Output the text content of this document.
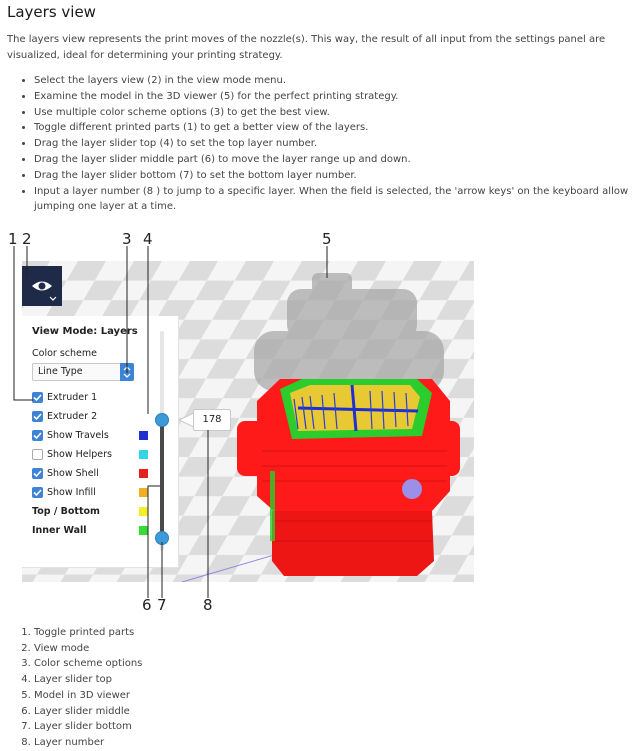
Layers view

The layers view represents the print moves of the nozzle(s). This way, the result of all input from the settings panel are visualized, ideal for determining your printing strategy.

• Select the layers view (2) in the view mode menu.
• Examine the model in the 3D viewer (5) for the perfect printing strategy.
• Use multiple color scheme options (3) to get the best view.
• Toggle different printed parts (1) to get a better view of the layers.
• Drag the layer slider top (4) to set the top layer number.
• Drag the layer slider middle part (6) to move the layer range up and down.
• Drag the layer slider bottom (7) to set the bottom layer number.
• Input a layer number (8 ) to jump to a specific layer. When the field is selected, the 'arrow keys' on the keyboard allow jumping one layer at a time.
View Mode: Layers
Color scheme
Line Type
Extruder 1
Extruder 2
Show Travels
Show Helpers
Show Shell
Show Infill
Top / Bottom
Inner Wall
178
1 2	3 4	5
6 7 8
1. Toggle printed parts
2. View mode
3. Color scheme options
4. Layer slider top
5. Model in 3D viewer
6. Layer slider middle
7. Layer slider bottom
8. Layer number
